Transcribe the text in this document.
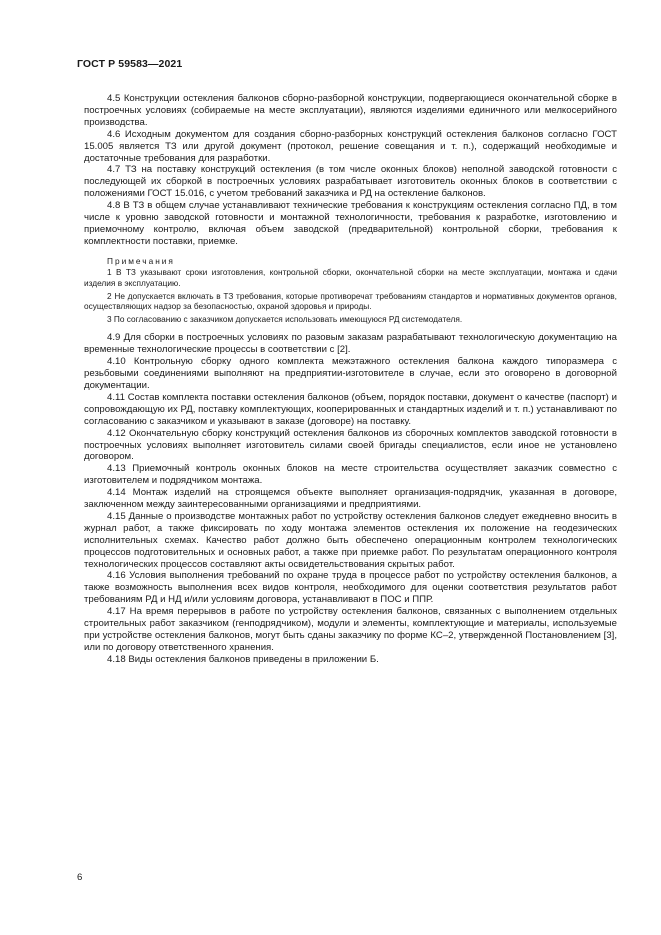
ГОСТ Р 59583—2021

4.5 Конструкции остекления балконов сборно-разборной конструкции, подвергающиеся окончательной сборке в построечных условиях (собираемые на месте эксплуатации), являются изделиями единичного или мелкосерийного производства.

4.6 Исходным документом для создания сборно-разборных конструкций остекления балконов согласно ГОСТ 15.005 является ТЗ или другой документ (протокол, решение совещания и т. п.), содержащий необходимые и достаточные требования для разработки.

4.7 ТЗ на поставку конструкций остекления (в том числе оконных блоков) неполной заводской готовности с последующей их сборкой в построечных условиях разрабатывает изготовитель оконных блоков в соответствии с положениями ГОСТ 15.016, с учетом требований заказчика и РД на остекление балконов.

4.8 В ТЗ в общем случае устанавливают технические требования к конструкциям остекления согласно ПД, в том числе к уровню заводской готовности и монтажной технологичности, требования к разработке, изготовлению и приемочному контролю, включая объем заводской (предварительной) контрольной сборки, требования к комплектности поставки, приемке.

Примечания

1 В ТЗ указывают сроки изготовления, контрольной сборки, окончательной сборки на месте эксплуатации, монтажа и сдачи изделия в эксплуатацию.

2 Не допускается включать в ТЗ требования, которые противоречат требованиям стандартов и нормативных документов органов, осуществляющих надзор за безопасностью, охраной здоровья и природы.

3 По согласованию с заказчиком допускается использовать имеющуюся РД системодателя.

4.9 Для сборки в построечных условиях по разовым заказам разрабатывают технологическую документацию на временные технологические процессы в соответствии с [2].

4.10 Контрольную сборку одного комплекта межэтажного остекления балкона каждого типоразмера с резьбовыми соединениями выполняют на предприятии-изготовителе в случае, если это оговорено в договорной документации.

4.11 Состав комплекта поставки остекления балконов (объем, порядок поставки, документ о качестве (паспорт) и сопровождающую их РД, поставку комплектующих, кооперированных и стандартных изделий и т. п.) устанавливают по согласованию с заказчиком и указывают в заказе (договоре) на поставку.

4.12 Окончательную сборку конструкций остекления балконов из сборочных комплектов заводской готовности в построечных условиях выполняет изготовитель силами своей бригады специалистов, если иное не установлено договором.

4.13 Приемочный контроль оконных блоков на месте строительства осуществляет заказчик совместно с изготовителем и подрядчиком монтажа.

4.14 Монтаж изделий на строящемся объекте выполняет организация-подрядчик, указанная в договоре, заключенном между заинтересованными организациями и предприятиями.

4.15 Данные о производстве монтажных работ по устройству остекления балконов следует ежедневно вносить в журнал работ, а также фиксировать по ходу монтажа элементов остекления их положение на геодезических исполнительных схемах. Качество работ должно быть обеспечено операционным контролем технологических процессов подготовительных и основных работ, а также при приемке работ. По результатам операционного контроля технологических процессов составляют акты освидетельствования скрытых работ.

4.16 Условия выполнения требований по охране труда в процессе работ по устройству остекления балконов, а также возможность выполнения всех видов контроля, необходимого для оценки соответствия результатов работ требованиям РД и НД и/или условиям договора, устанавливают в ПОС и ППР.

4.17 На время перерывов в работе по устройству остекления балконов, связанных с выполнением отдельных строительных работ заказчиком (генподрядчиком), модули и элементы, комплектующие и материалы, используемые при устройстве остекления балконов, могут быть сданы заказчику по форме КС–2, утвержденной Постановлением [3], или по договору ответственного хранения.

4.18 Виды остекления балконов приведены в приложении Б.

6
